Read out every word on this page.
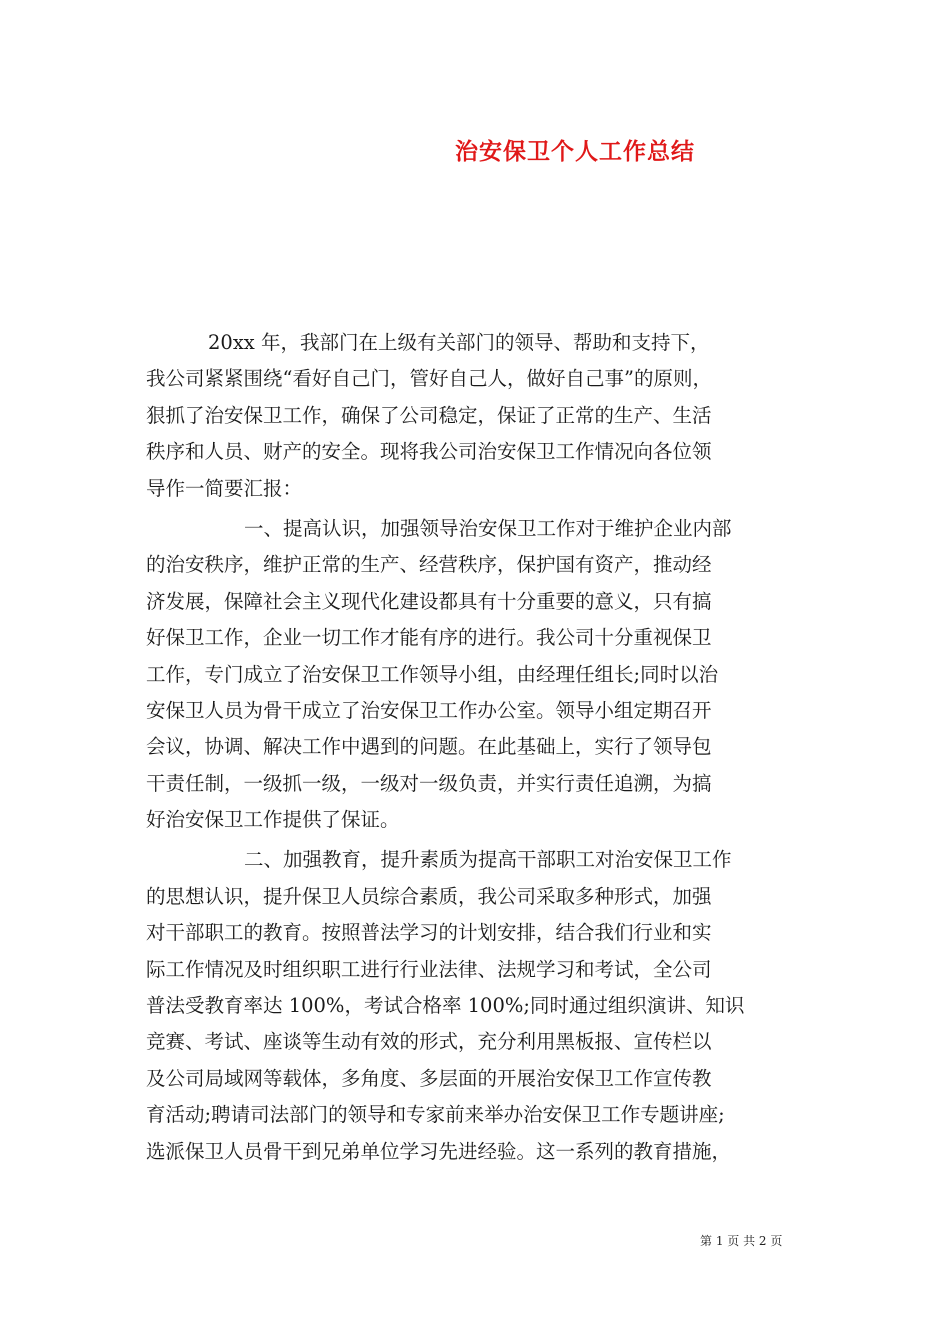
治安保卫个人工作总结
20xx 年，我部门在上级有关部门的领导、帮助和支持下，
我公司紧紧围绕“看好自己门，管好自己人，做好自己事”的原则，
狠抓了治安保卫工作，确保了公司稳定，保证了正常的生产、生活
秩序和人员、财产的安全。现将我公司治安保卫工作情况向各位领
导作一简要汇报：
一、提高认识，加强领导治安保卫工作对于维护企业内部
的治安秩序，维护正常的生产、经营秩序，保护国有资产，推动经
济发展，保障社会主义现代化建设都具有十分重要的意义，只有搞
好保卫工作，企业一切工作才能有序的进行。我公司十分重视保卫
工作，专门成立了治安保卫工作领导小组，由经理任组长;同时以治
安保卫人员为骨干成立了治安保卫工作办公室。领导小组定期召开
会议，协调、解决工作中遇到的问题。在此基础上，实行了领导包
干责任制，一级抓一级，一级对一级负责，并实行责任追溯，为搞
好治安保卫工作提供了保证。
二、加强教育，提升素质为提高干部职工对治安保卫工作
的思想认识，提升保卫人员综合素质，我公司采取多种形式，加强
对干部职工的教育。按照普法学习的计划安排，结合我们行业和实
际工作情况及时组织职工进行行业法律、法规学习和考试，全公司
普法受教育率达 100%，考试合格率 100%;同时通过组织演讲、知识
竞赛、考试、座谈等生动有效的形式，充分利用黑板报、宣传栏以
及公司局域网等载体，多角度、多层面的开展治安保卫工作宣传教
育活动;聘请司法部门的领导和专家前来举办治安保卫工作专题讲座;
选派保卫人员骨干到兄弟单位学习先进经验。这一系列的教育措施，
第 1 页 共 2 页
